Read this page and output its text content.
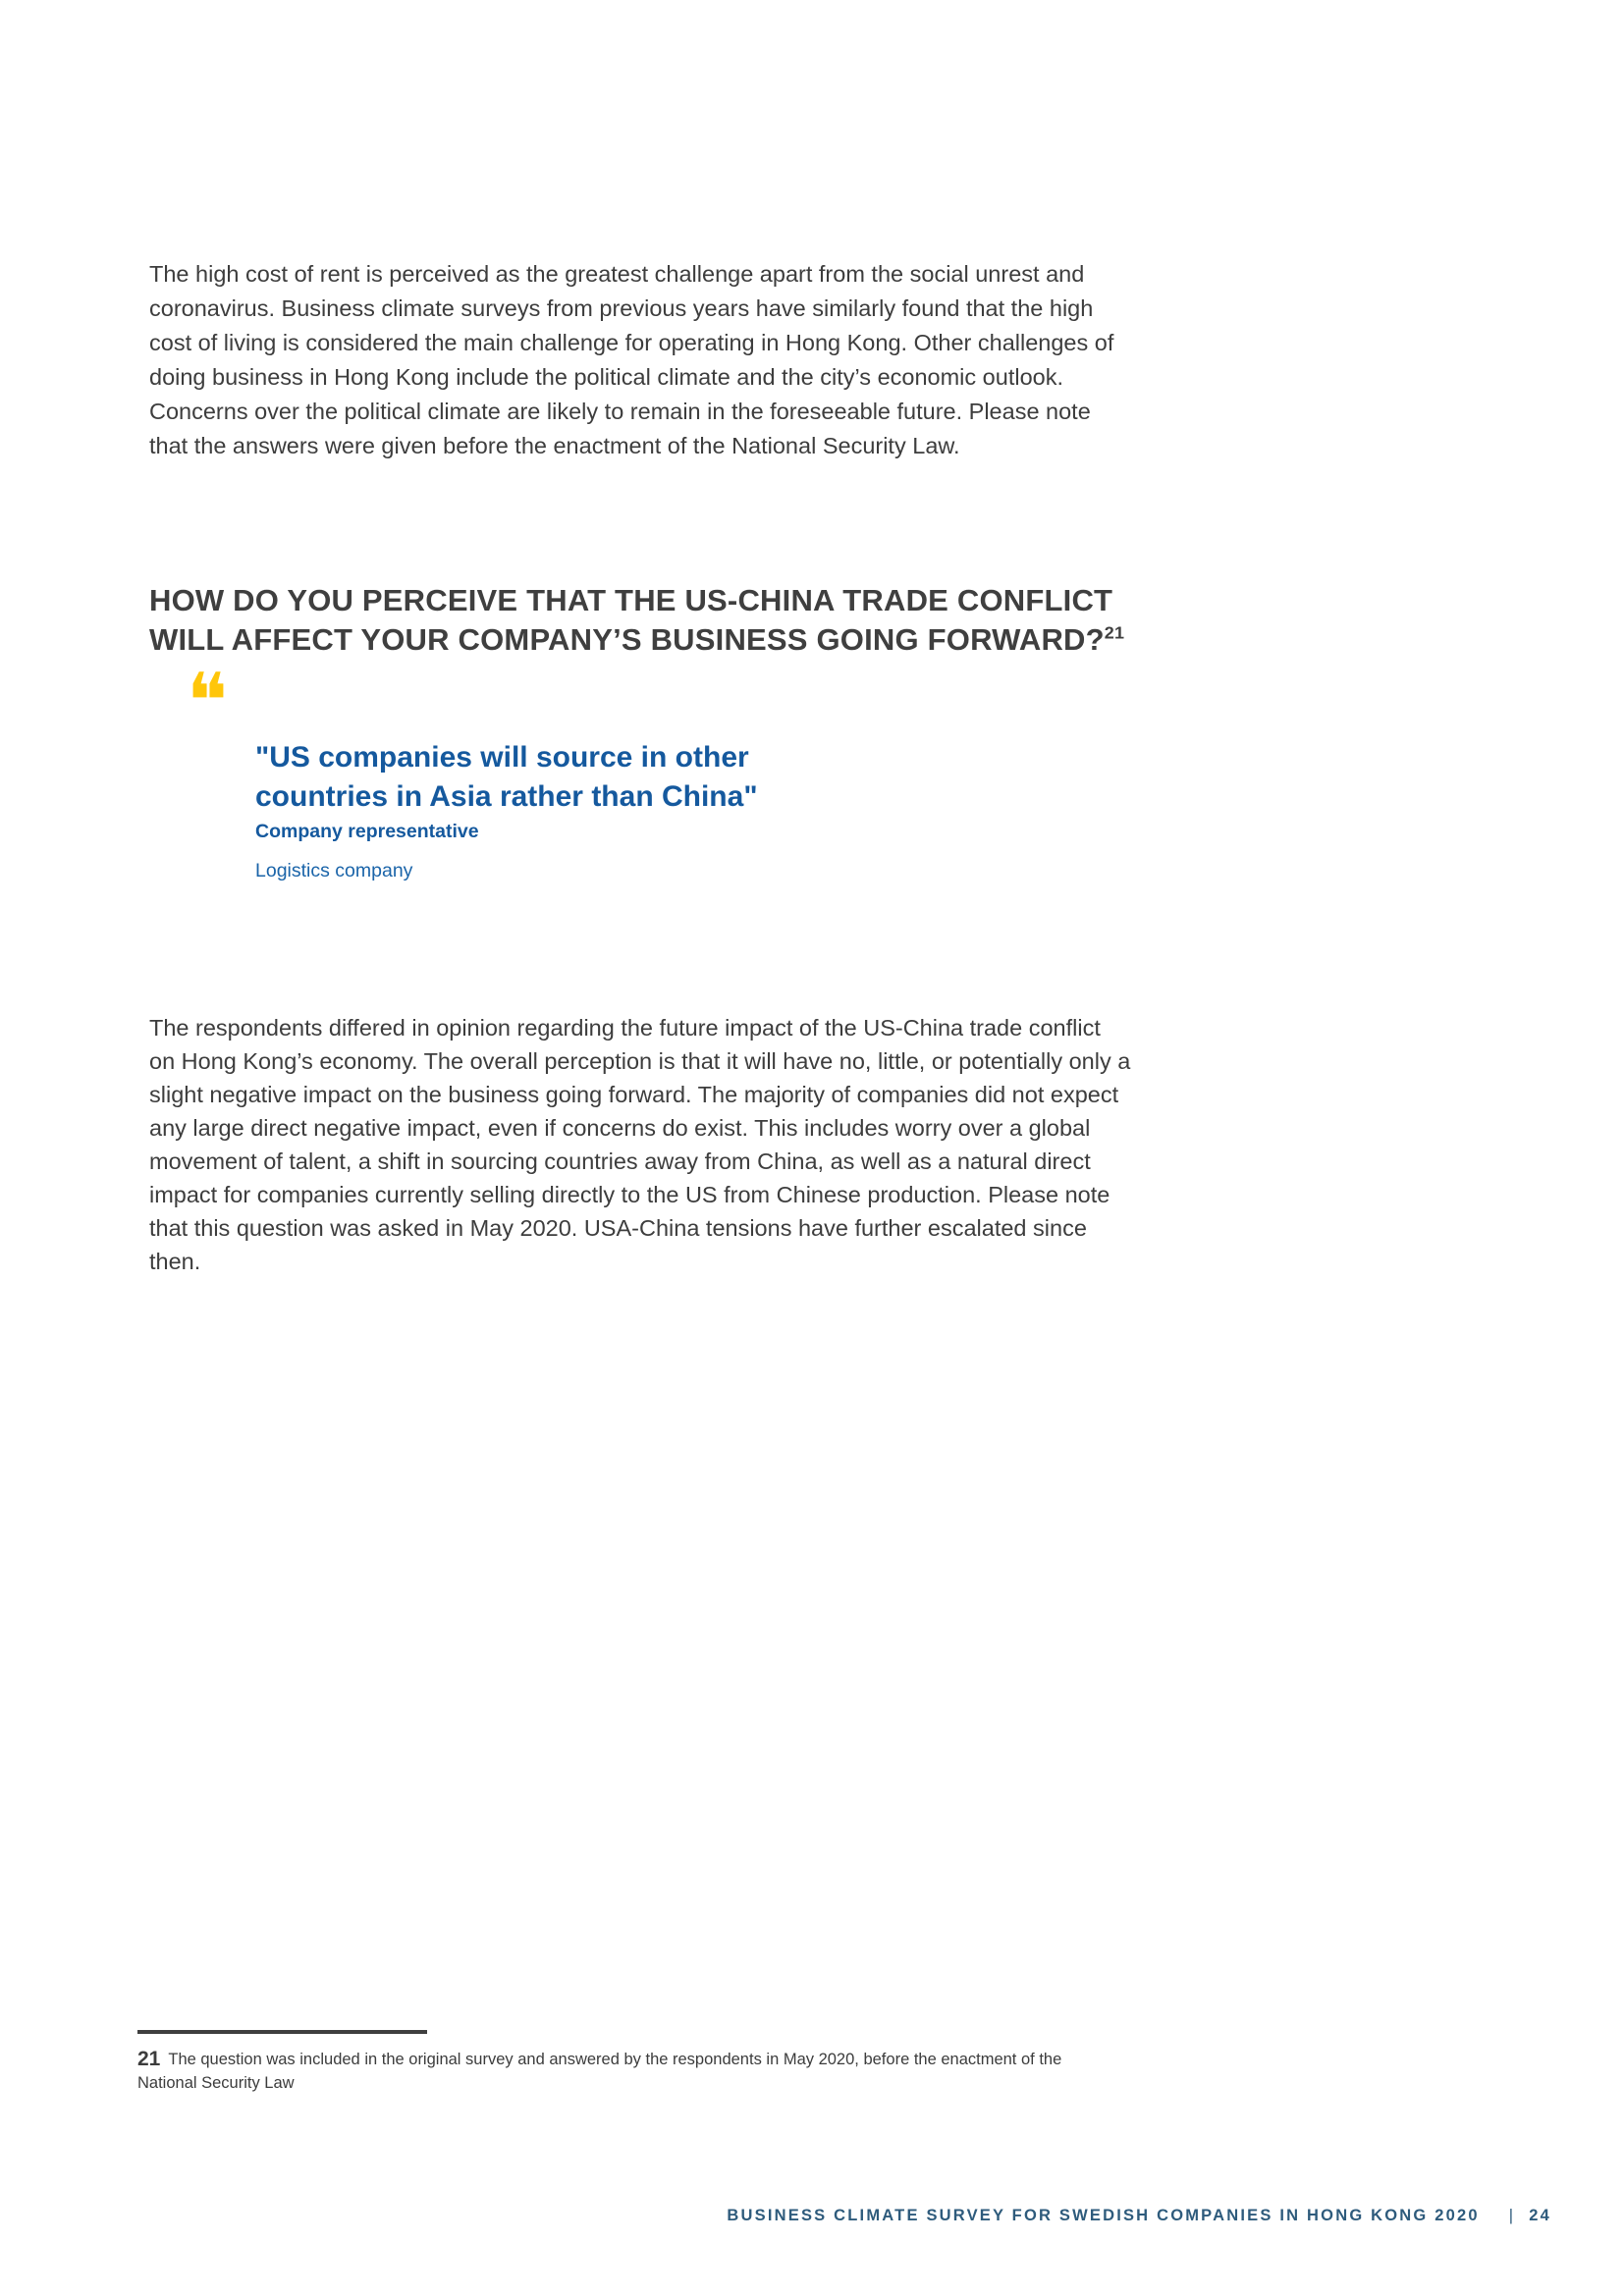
The high cost of rent is perceived as the greatest challenge apart from the social unrest and coronavirus. Business climate surveys from previous years have similarly found that the high cost of living is considered the main challenge for operating in Hong Kong. Other challenges of doing business in Hong Kong include the political climate and the city’s economic outlook. Concerns over the political climate are likely to remain in the foreseeable future. Please note that the answers were given before the enactment of the National Security Law.

HOW DO YOU PERCEIVE THAT THE US-CHINA TRADE CONFLICT
WILL AFFECT YOUR COMPANY’S BUSINESS GOING FORWARD?$^{21}$
❝
"US companies will source in other
countries in Asia rather than China"
Company representative
Logistics company

The respondents differed in opinion regarding the future impact of the US-China trade conflict on Hong Kong’s economy. The overall perception is that it will have no, little, or potentially only a slight negative impact on the business going forward. The majority of companies did not expect any large direct negative impact, even if concerns do exist. This includes worry over a global movement of talent, a shift in sourcing countries away from China, as well as a natural direct impact for companies currently selling directly to the US from Chinese production. Please note that this question was asked in May 2020. USA-China tensions have further escalated since then.

21 The question was included in the original survey and answered by the respondents in May 2020, before the enactment of the National Security Law
BUSINESS CLIMATE SURVEY FOR SWEDISH COMPANIES IN HONG KONG 2020 | 24
